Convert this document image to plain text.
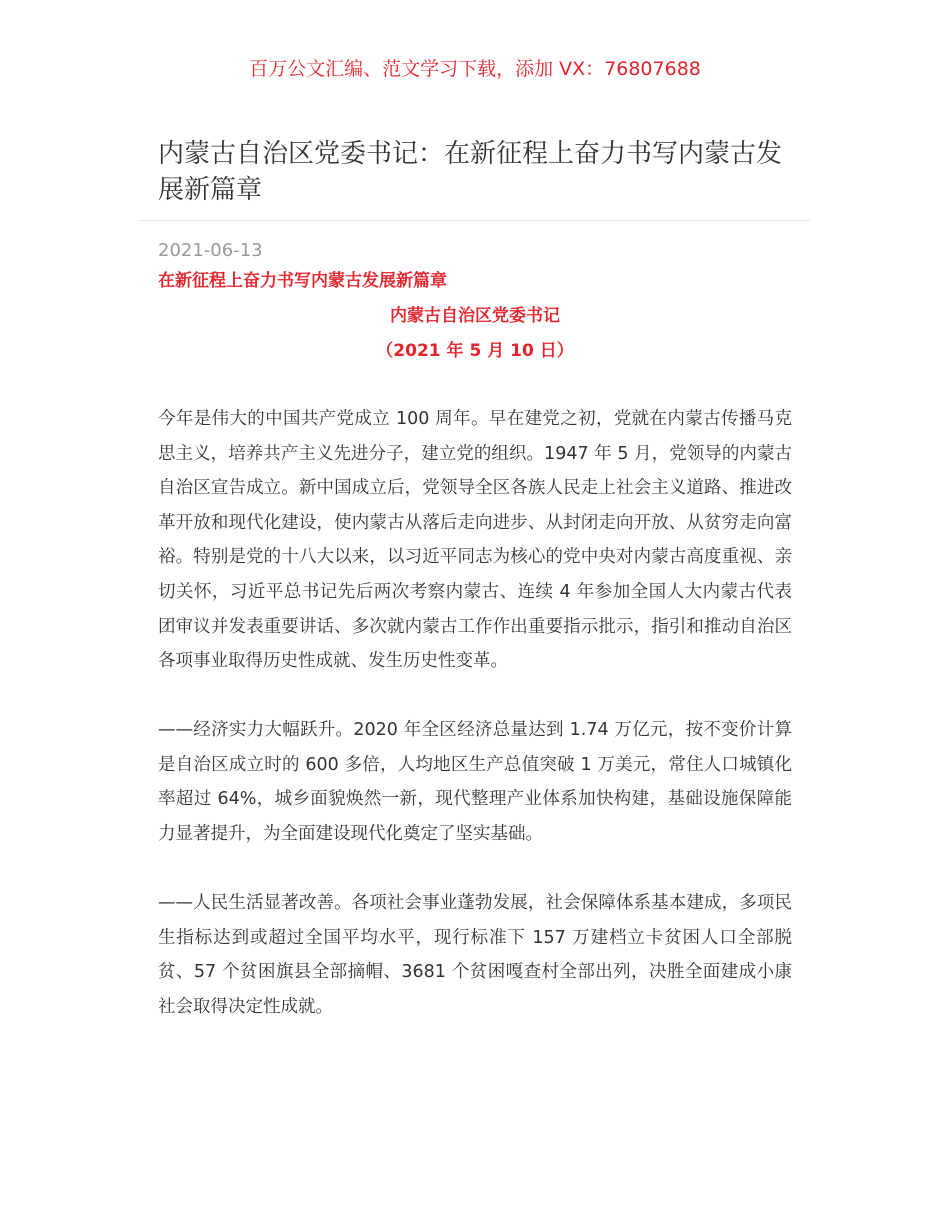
百万公文汇编、范文学习下载，添加 VX：76807688
内蒙古自治区党委书记：在新征程上奋力书写内蒙古发展新篇章
2021-06-13
在新征程上奋力书写内蒙古发展新篇章
内蒙古自治区党委书记
（2021 年 5 月 10 日）

今年是伟大的中国共产党成立 100 周年。早在建党之初，党就在内蒙古传播马克思主义，培养共产主义先进分子，建立党的组织。1947 年 5 月，党领导的内蒙古自治区宣告成立。新中国成立后，党领导全区各族人民走上社会主义道路、推进改革开放和现代化建设，使内蒙古从落后走向进步、从封闭走向开放、从贫穷走向富裕。特别是党的十八大以来，以习近平同志为核心的党中央对内蒙古高度重视、亲切关怀，习近平总书记先后两次考察内蒙古、连续 4 年参加全国人大内蒙古代表团审议并发表重要讲话、多次就内蒙古工作作出重要指示批示，指引和推动自治区各项事业取得历史性成就、发生历史性变革。

——经济实力大幅跃升。2020 年全区经济总量达到 1.74 万亿元，按不变价计算是自治区成立时的 600 多倍，人均地区生产总值突破 1 万美元，常住人口城镇化率超过 64%，城乡面貌焕然一新，现代整理产业体系加快构建，基础设施保障能力显著提升，为全面建设现代化奠定了坚实基础。

——人民生活显著改善。各项社会事业蓬勃发展，社会保障体系基本建成，多项民生指标达到或超过全国平均水平，现行标准下 157 万建档立卡贫困人口全部脱贫、57 个贫困旗县全部摘帽、3681 个贫困嘎查村全部出列，决胜全面建成小康社会取得决定性成就。
